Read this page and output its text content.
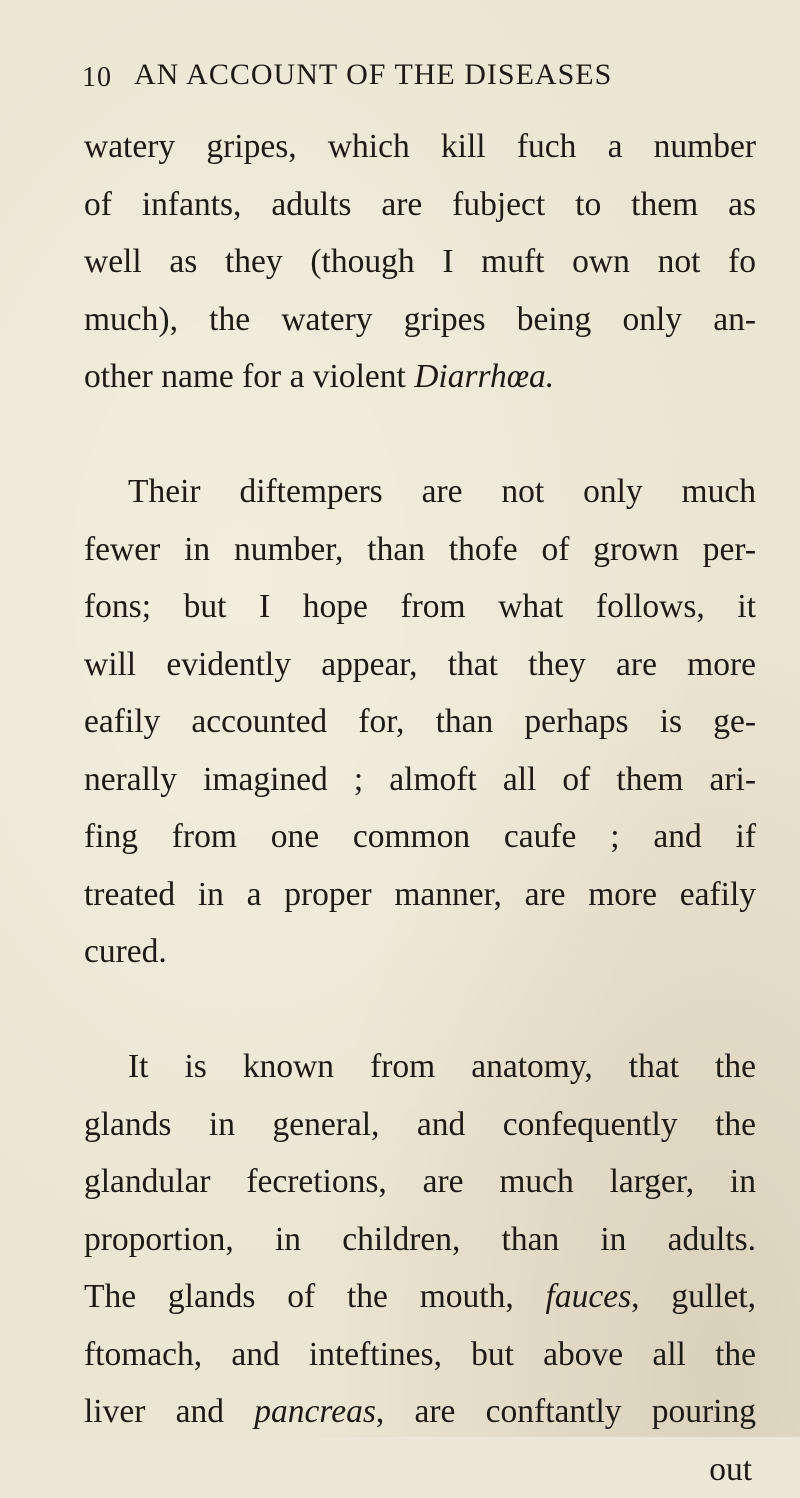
10 AN ACCOUNT OF THE DISEASES
watery gripes, which kill fuch a number
of infants, adults are fubject to them as
well as they (though I muft own not fo
much), the watery gripes being only an-
other name for a violent Diarrhœa.
Their diftempers are not only much
fewer in number, than thofe of grown per-
fons; but I hope from what follows, it
will evidently appear, that they are more
eafily accounted for, than perhaps is ge-
nerally imagined ; almoft all of them ari-
fing from one common caufe ; and if
treated in a proper manner, are more eafily
cured.
It is known from anatomy, that the
glands in general, and confequently the
glandular fecretions, are much larger, in
proportion, in children, than in adults.
The glands of the mouth, fauces, gullet,
ftomach, and inteftines, but above all the
liver and pancreas, are conftantly pouring
out
